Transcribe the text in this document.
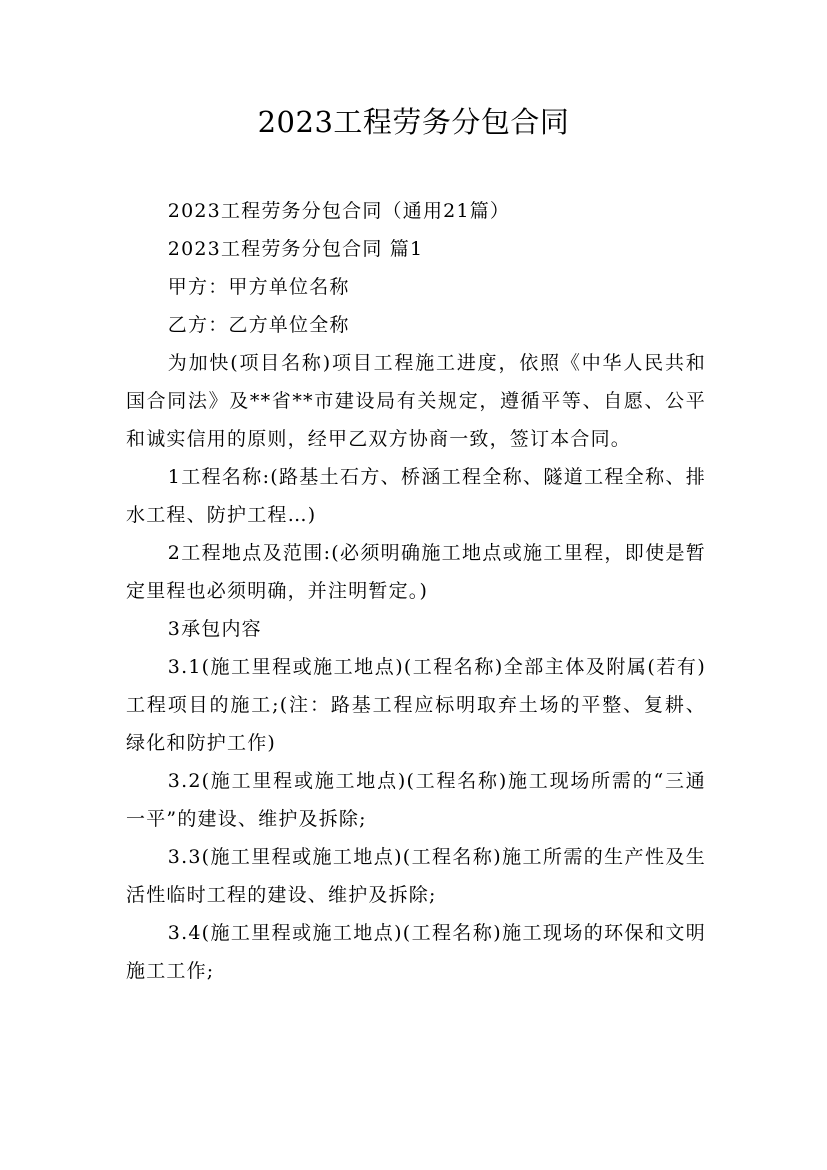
2023工程劳务分包合同

2023工程劳务分包合同（通用21篇）

2023工程劳务分包合同 篇1

甲方：甲方单位名称

乙方：乙方单位全称

为加快(项目名称)项目工程施工进度，依照《中华人民共和国合同法》及**省**市建设局有关规定，遵循平等、自愿、公平和诚实信用的原则，经甲乙双方协商一致，签订本合同。

1工程名称:(路基土石方、桥涵工程全称、隧道工程全称、排水工程、防护工程…)

2工程地点及范围:(必须明确施工地点或施工里程，即使是暂定里程也必须明确，并注明暂定。)

3承包内容

3.1(施工里程或施工地点)(工程名称)全部主体及附属(若有)工程项目的施工;(注：路基工程应标明取弃土场的平整、复耕、绿化和防护工作)

3.2(施工里程或施工地点)(工程名称)施工现场所需的“三通一平”的建设、维护及拆除;

3.3(施工里程或施工地点)(工程名称)施工所需的生产性及生活性临时工程的建设、维护及拆除;

3.4(施工里程或施工地点)(工程名称)施工现场的环保和文明施工工作;
